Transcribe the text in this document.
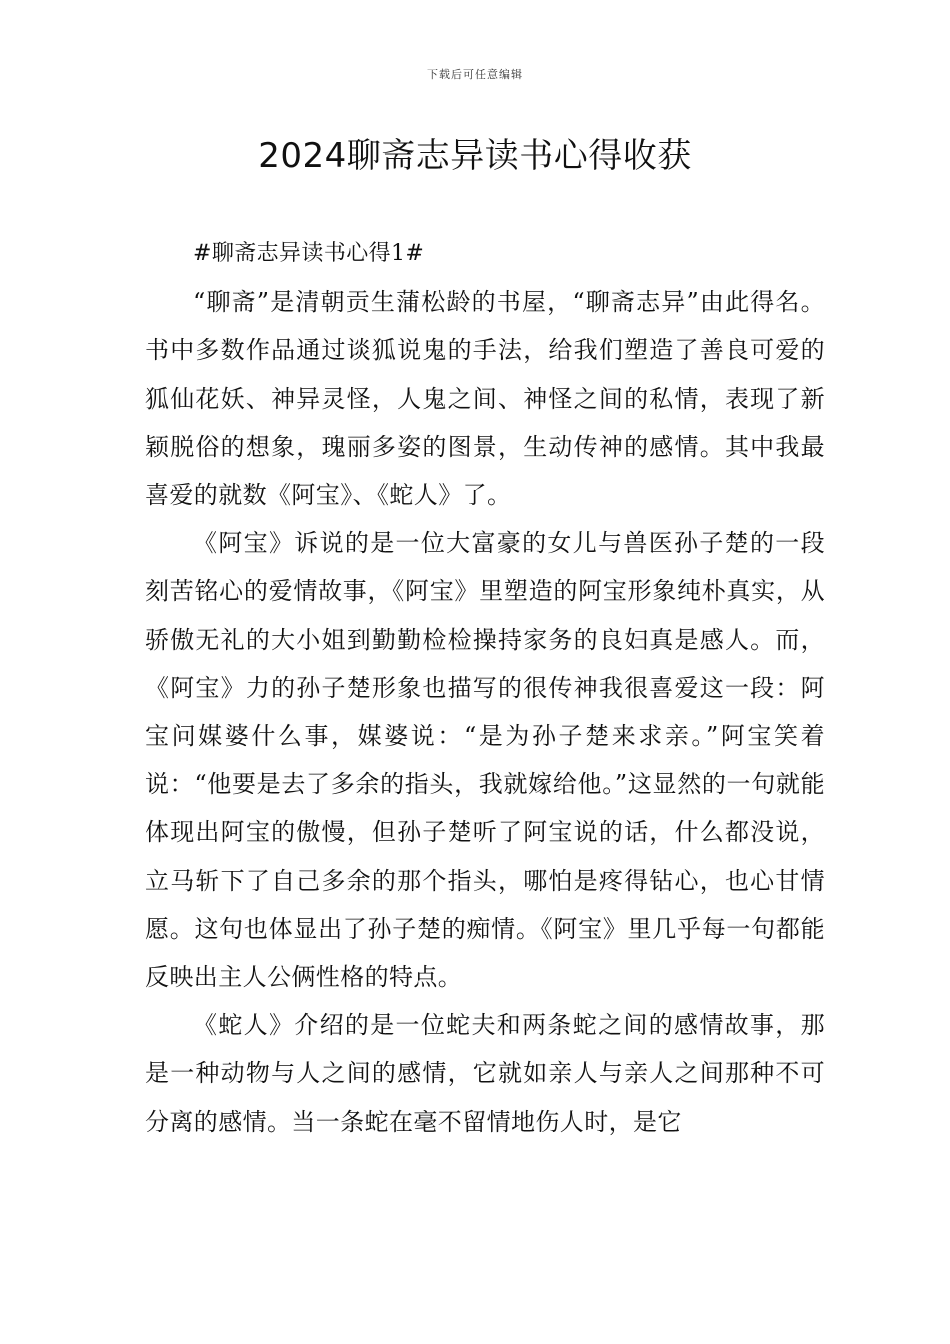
下载后可任意编辑
2024聊斋志异读书心得收获

#聊斋志异读书心得1#

“聊斋”是清朝贡生蒲松龄的书屋，“聊斋志异”由此得名。书中多数作品通过谈狐说鬼的手法，给我们塑造了善良可爱的狐仙花妖、神异灵怪，人鬼之间、神怪之间的私情，表现了新颖脱俗的想象，瑰丽多姿的图景，生动传神的感情。其中我最喜爱的就数《阿宝》、《蛇人》了。

《阿宝》诉说的是一位大富豪的女儿与兽医孙子楚的一段刻苦铭心的爱情故事，《阿宝》里塑造的阿宝形象纯朴真实，从骄傲无礼的大小姐到勤勤检检操持家务的良妇真是感人。而，《阿宝》力的孙子楚形象也描写的很传神我很喜爱这一段：阿宝问媒婆什么事，媒婆说：“是为孙子楚来求亲。”阿宝笑着说：“他要是去了多余的指头，我就嫁给他。”这显然的一句就能体现出阿宝的傲慢，但孙子楚听了阿宝说的话，什么都没说，立马斩下了自己多余的那个指头，哪怕是疼得钻心，也心甘情愿。这句也体显出了孙子楚的痴情。《阿宝》里几乎每一句都能反映出主人公俩性格的特点。

《蛇人》介绍的是一位蛇夫和两条蛇之间的感情故事，那是一种动物与人之间的感情，它就如亲人与亲人之间那种不可分离的感情。当一条蛇在毫不留情地伤人时，是它
